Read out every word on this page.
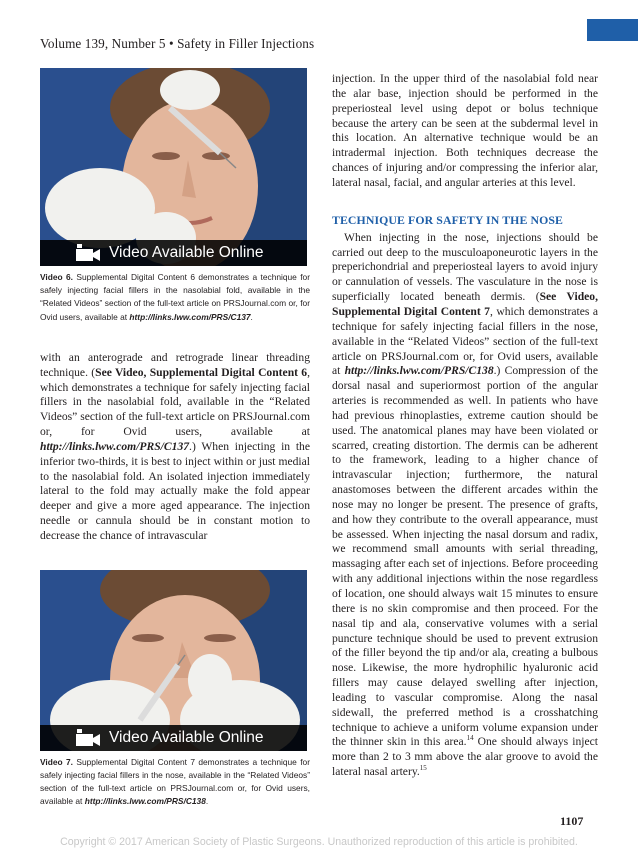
Volume 139, Number 5 • Safety in Filler Injections
Video Available Online
Video 6. Supplemental Digital Content 6 demonstrates a technique for safely injecting facial fillers in the nasolabial fold, available in the “Related Videos” section of the full-text article on PRSJournal.com or, for Ovid users, available at http://links.lww.com/PRS/C137.

with an anterograde and retrograde linear threading technique. (See Video, Supplemental Digital Content 6, which demonstrates a technique for safely injecting facial fillers in the nasolabial fold, available in the “Related Videos” section of the full-text article on PRSJournal.com or, for Ovid users, available at http://links.lww.com/PRS/C137.) When injecting in the inferior two-thirds, it is best to inject within or just medial to the nasolabial fold. An isolated injection immediately lateral to the fold may actually make the fold appear deeper and give a more aged appearance. The injection needle or cannula should be in constant motion to decrease the chance of intravascular

Video Available Online
Video 7. Supplemental Digital Content 7 demonstrates a technique for safely injecting facial fillers in the nose, available in the “Related Videos” section of the full-text article on PRSJournal.com or, for Ovid users, available at http://links.lww.com/PRS/C138.

injection. In the upper third of the nasolabial fold near the alar base, injection should be performed in the preperiosteal level using depot or bolus technique because the artery can be seen at the subdermal level in this location. An alternative technique would be an intradermal injection. Both techniques decrease the chances of injuring and/or compressing the inferior alar, lateral nasal, facial, and angular arteries at this level.

TECHNIQUE FOR SAFETY IN THE NOSE

When injecting in the nose, injections should be carried out deep to the musculoaponeurotic layers in the preperichondrial and preperiosteal layers to avoid injury or cannulation of vessels. The vasculature in the nose is superficially located beneath dermis. (See Video, Supplemental Digital Content 7, which demonstrates a technique for safely injecting facial fillers in the nose, available in the “Related Videos” section of the full-text article on PRSJournal.com or, for Ovid users, available at http://links.lww.com/PRS/C138.) Compression of the dorsal nasal and superiormost portion of the angular arteries is recommended as well. In patients who have had previous rhinoplasties, extreme caution should be used. The anatomical planes may have been violated or scarred, creating distortion. The dermis can be adherent to the framework, leading to a higher chance of intravascular injection; furthermore, the natural anastomoses between the different arcades within the nose may no longer be present. The presence of grafts, and how they contribute to the overall appearance, must be assessed. When injecting the nasal dorsum and radix, we recommend small amounts with serial threading, massaging after each set of injections. Before proceeding with any additional injections within the nose regardless of location, one should always wait 15 minutes to ensure there is no skin compromise and then proceed. For the nasal tip and ala, conservative volumes with a serial puncture technique should be used to prevent extrusion of the filler beyond the tip and/or ala, creating a bulbous nose. Likewise, the more hydrophilic hyaluronic acid fillers may cause delayed swelling after injection, leading to vascular compromise. Along the nasal sidewall, the preferred method is a crosshatching technique to achieve a uniform volume expansion under the thinner skin in this area.$^{14}$ One should always inject more than 2 to 3 mm above the alar groove to avoid the lateral nasal artery.$^{15}$

1107
Copyright © 2017 American Society of Plastic Surgeons. Unauthorized reproduction of this article is prohibited.
